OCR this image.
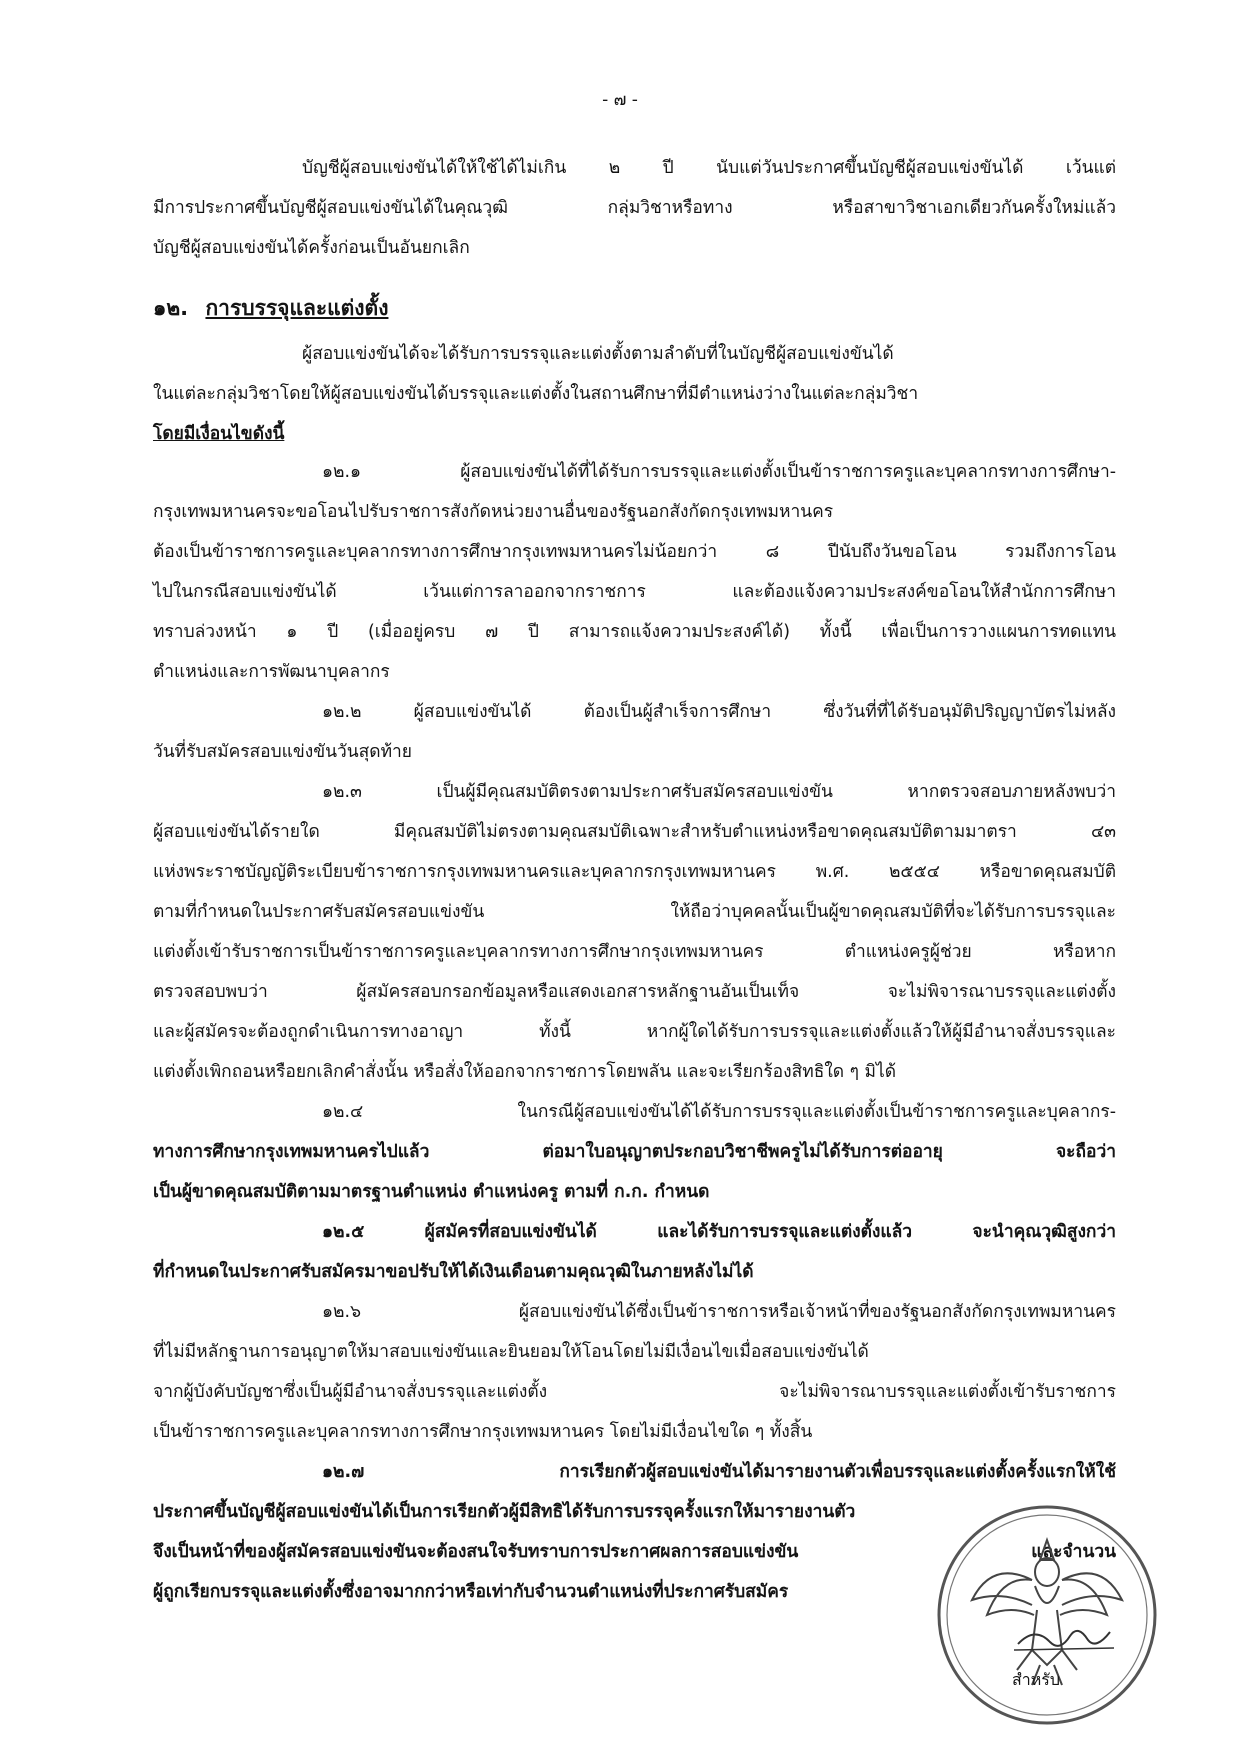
- ๗ -
บัญชีผู้สอบแข่งขันได้ให้ใช้ได้ไม่เกิน ๒ ปี นับแต่วันประกาศขึ้นบัญชีผู้สอบแข่งขันได้ เว้นแต่
มีการประกาศขึ้นบัญชีผู้สอบแข่งขันได้ในคุณวุฒิ กลุ่มวิชาหรือทาง หรือสาขาวิชาเอกเดียวกันครั้งใหม่แล้ว
บัญชีผู้สอบแข่งขันได้ครั้งก่อนเป็นอันยกเลิก
๑๒. การบรรจุและแต่งตั้ง
ผู้สอบแข่งขันได้จะได้รับการบรรจุและแต่งตั้งตามลำดับที่ในบัญชีผู้สอบแข่งขันได้
ในแต่ละกลุ่มวิชาโดยให้ผู้สอบแข่งขันได้บรรจุและแต่งตั้งในสถานศึกษาที่มีตำแหน่งว่างในแต่ละกลุ่มวิชา
โดยมีเงื่อนไขดังนี้
๑๒.๑ ผู้สอบแข่งขันได้ที่ได้รับการบรรจุและแต่งตั้งเป็นข้าราชการครูและบุคลากรทางการศึกษา-
กรุงเทพมหานครจะขอโอนไปรับราชการสังกัดหน่วยงานอื่นของรัฐนอกสังกัดกรุงเทพมหานคร
ต้องเป็นข้าราชการครูและบุคลากรทางการศึกษากรุงเทพมหานครไม่น้อยกว่า ๘ ปีนับถึงวันขอโอน รวมถึงการโอน
ไปในกรณีสอบแข่งขันได้ เว้นแต่การลาออกจากราชการ และต้องแจ้งความประสงค์ขอโอนให้สำนักการศึกษา
ทราบล่วงหน้า ๑ ปี (เมื่ออยู่ครบ ๗ ปี สามารถแจ้งความประสงค์ได้) ทั้งนี้ เพื่อเป็นการวางแผนการทดแทน
ตำแหน่งและการพัฒนาบุคลากร
๑๒.๒ ผู้สอบแข่งขันได้ ต้องเป็นผู้สำเร็จการศึกษา ซึ่งวันที่ที่ได้รับอนุมัติปริญญาบัตรไม่หลัง
วันที่รับสมัครสอบแข่งขันวันสุดท้าย
๑๒.๓ เป็นผู้มีคุณสมบัติตรงตามประกาศรับสมัครสอบแข่งขัน หากตรวจสอบภายหลังพบว่า
ผู้สอบแข่งขันได้รายใด มีคุณสมบัติไม่ตรงตามคุณสมบัติเฉพาะสำหรับตำแหน่งหรือขาดคุณสมบัติตามมาตรา ๔๓
แห่งพระราชบัญญัติระเบียบข้าราชการกรุงเทพมหานครและบุคลากรกรุงเทพมหานคร พ.ศ. ๒๕๕๔ หรือขาดคุณสมบัติ
ตามที่กำหนดในประกาศรับสมัครสอบแข่งขัน ให้ถือว่าบุคคลนั้นเป็นผู้ขาดคุณสมบัติที่จะได้รับการบรรจุและ
แต่งตั้งเข้ารับราชการเป็นข้าราชการครูและบุคลากรทางการศึกษากรุงเทพมหานคร ตำแหน่งครูผู้ช่วย หรือหาก
ตรวจสอบพบว่า ผู้สมัครสอบกรอกข้อมูลหรือแสดงเอกสารหลักฐานอันเป็นเท็จ จะไม่พิจารณาบรรจุและแต่งตั้ง
และผู้สมัครจะต้องถูกดำเนินการทางอาญา ทั้งนี้ หากผู้ใดได้รับการบรรจุและแต่งตั้งแล้วให้ผู้มีอำนาจสั่งบรรจุและ
แต่งตั้งเพิกถอนหรือยกเลิกคำสั่งนั้น หรือสั่งให้ออกจากราชการโดยพลัน และจะเรียกร้องสิทธิใด ๆ มิได้
๑๒.๔ ในกรณีผู้สอบแข่งขันได้ได้รับการบรรจุและแต่งตั้งเป็นข้าราชการครูและบุคลากร-
ทางการศึกษากรุงเทพมหานครไปแล้ว ต่อมาใบอนุญาตประกอบวิชาชีพครูไม่ได้รับการต่ออายุ จะถือว่า
เป็นผู้ขาดคุณสมบัติตามมาตรฐานตำแหน่ง ตำแหน่งครู ตามที่ ก.ก. กำหนด
๑๒.๕ ผู้สมัครที่สอบแข่งขันได้ และได้รับการบรรจุและแต่งตั้งแล้ว จะนำคุณวุฒิสูงกว่า
ที่กำหนดในประกาศรับสมัครมาขอปรับให้ได้เงินเดือนตามคุณวุฒิในภายหลังไม่ได้
๑๒.๖ ผู้สอบแข่งขันได้ซึ่งเป็นข้าราชการหรือเจ้าหน้าที่ของรัฐนอกสังกัดกรุงเทพมหานคร
ที่ไม่มีหลักฐานการอนุญาตให้มาสอบแข่งขันและยินยอมให้โอนโดยไม่มีเงื่อนไขเมื่อสอบแข่งขันได้
จากผู้บังคับบัญชาซึ่งเป็นผู้มีอำนาจสั่งบรรจุและแต่งตั้ง จะไม่พิจารณาบรรจุและแต่งตั้งเข้ารับราชการ
เป็นข้าราชการครูและบุคลากรทางการศึกษากรุงเทพมหานคร โดยไม่มีเงื่อนไขใด ๆ ทั้งสิ้น
๑๒.๗ การเรียกตัวผู้สอบแข่งขันได้มารายงานตัวเพื่อบรรจุและแต่งตั้งครั้งแรกให้ใช้
ประกาศขึ้นบัญชีผู้สอบแข่งขันได้เป็นการเรียกตัวผู้มีสิทธิได้รับการบรรจุครั้งแรกให้มารายงานตัว
จึงเป็นหน้าที่ของผู้สมัครสอบแข่งขันจะต้องสนใจรับทราบการประกาศผลการสอบแข่งขัน และจำนวน
ผู้ถูกเรียกบรรจุและแต่งตั้งซึ่งอาจมากกว่าหรือเท่ากับจำนวนตำแหน่งที่ประกาศรับสมัคร
สำหรับ
